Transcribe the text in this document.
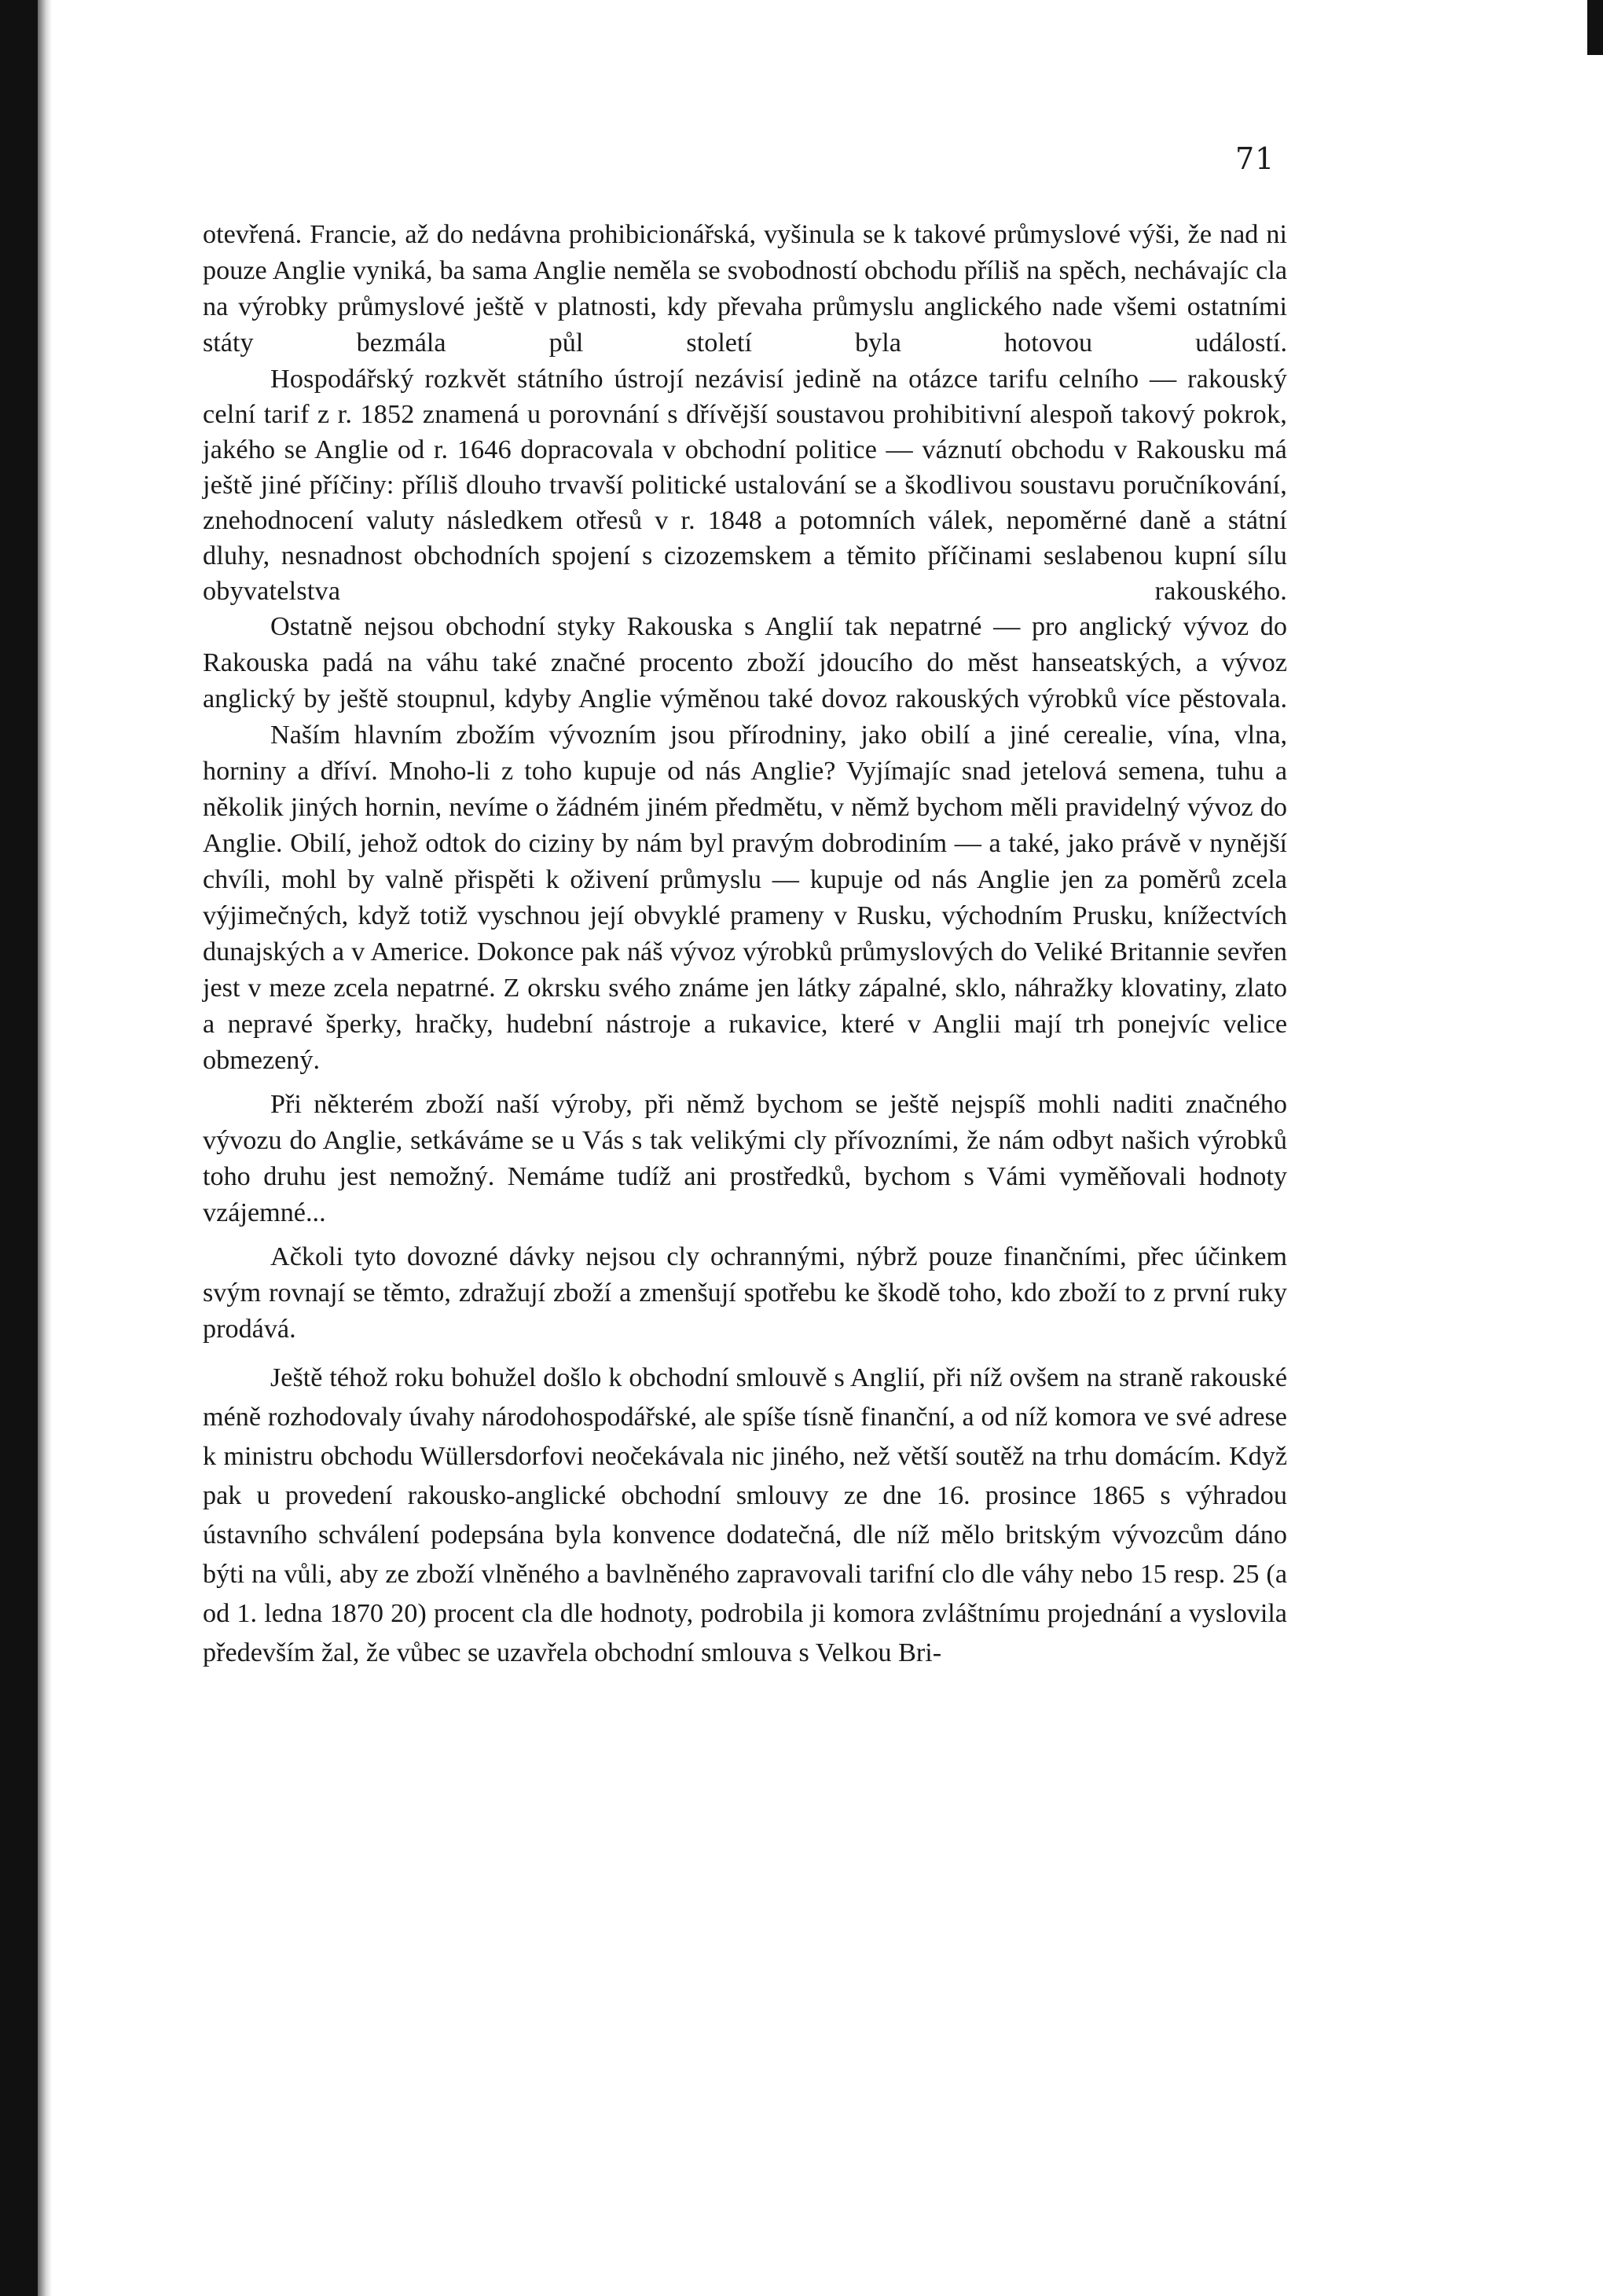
71

otevřená. Francie, až do nedávna prohibicionářská, vyšinula se k takové průmyslové výši, že nad ni pouze Anglie vyniká, ba sama Anglie neměla se svobodností obchodu příliš na spěch, nechávajíc cla na výrobky průmyslové ještě v platnosti, kdy převaha průmyslu anglického nade všemi ostatními státy bezmála půl století byla hotovou událostí.

Hospodářský rozkvět státního ústrojí nezávisí jedině na otázce tarifu celního — rakouský celní tarif z r. 1852 znamená u porovnání s dřívější soustavou prohibitivní alespoň takový pokrok, jakého se Anglie od r. 1646 dopracovala v obchodní politice — váznutí obchodu v Rakousku má ještě jiné příčiny: příliš dlouho trvavší politické ustalování se a škodlivou soustavu poručníkování, znehodnocení valuty následkem otřesů v r. 1848 a potomních válek, nepoměrné daně a státní dluhy, nesnadnost obchodních spojení s cizozemskem a těmito příčinami seslabenou kupní sílu obyvatelstva rakouského.

Ostatně nejsou obchodní styky Rakouska s Anglií tak nepatrné — pro anglický vývoz do Rakouska padá na váhu také značné procento zboží jdoucího do měst hanseatských, a vývoz anglický by ještě stoupnul, kdyby Anglie výměnou také dovoz rakouských výrobků více pěstovala.

Naším hlavním zbožím vývozním jsou přírodniny, jako obilí a jiné cerealie, vína, vlna, horniny a dříví. Mnoho-li z toho kupuje od nás Anglie? Vyjímajíc snad jetelová semena, tuhu a několik jiných hornin, nevíme o žádném jiném předmětu, v němž bychom měli pravidelný vývoz do Anglie. Obilí, jehož odtok do ciziny by nám byl pravým dobrodiním — a také, jako právě v nynější chvíli, mohl by valně přispěti k oživení průmyslu — kupuje od nás Anglie jen za poměrů zcela výjimečných, když totiž vyschnou její obvyklé prameny v Rusku, východním Prusku, knížectvích dunajských a v Americe. Dokonce pak náš vývoz výrobků průmyslových do Veliké Britannie sevřen jest v meze zcela nepatrné. Z okrsku svého známe jen látky zápalné, sklo, náhražky klovatiny, zlato a nepravé šperky, hračky, hudební nástroje a rukavice, které v Anglii mají trh ponejvíc velice obmezený.

Při některém zboží naší výroby, při němž bychom se ještě nejspíš mohli naditi značného vývozu do Anglie, setkáváme se u Vás s tak velikými cly přívozními, že nám odbyt našich výrobků toho druhu jest nemožný. Nemáme tudíž ani prostředků, bychom s Vámi vyměňovali hodnoty vzájemné...

Ačkoli tyto dovozné dávky nejsou cly ochrannými, nýbrž pouze finančními, přec účinkem svým rovnají se těmto, zdražují zboží a zmenšují spotřebu ke škodě toho, kdo zboží to z první ruky prodává.

Ještě téhož roku bohužel došlo k obchodní smlouvě s Anglií, při níž ovšem na straně rakouské méně rozhodovaly úvahy národohospodářské, ale spíše tísně finanční, a od níž komora ve své adrese k ministru obchodu Wüllersdorfovi neočekávala nic jiného, než větší soutěž na trhu domácím. Když pak u provedení rakousko-anglické obchodní smlouvy ze dne 16. prosince 1865 s výhradou ústavního schválení podepsána byla konvence dodatečná, dle níž mělo britským vývozcům dáno býti na vůli, aby ze zboží vlněného a bavlněného zapravovali tarifní clo dle váhy nebo 15 resp. 25 (a od 1. ledna 1870 20) procent cla dle hodnoty, podrobila ji komora zvláštnímu projednání a vyslovila především žal, že vůbec se uzavřela obchodní smlouva s Velkou Bri-
